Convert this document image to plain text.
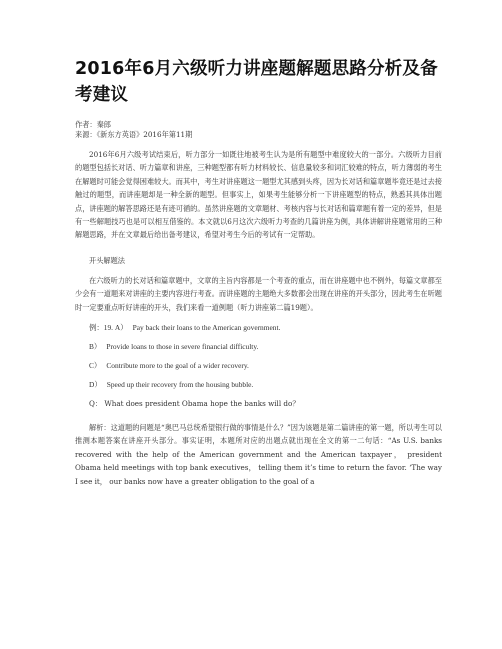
2016年6月六级听力讲座题解题思路分析及备考建议

作者：秦郎

来源：《新东方英语》2016年第11期

2016年6月六级考试结束后，听力部分一如既往地被考生认为是所有题型中难度较大的一部分。六级听力目前的题型包括长对话、听力篇章和讲座，三种题型都有听力材料较长、信息量较多和词汇较难的特点，听力薄弱的考生在解题时可能会觉得困难较大。而其中，考生对讲座题这一题型尤其感到头疼，因为长对话和篇章题毕竟还是过去接触过的题型，而讲座题却是一种全新的题型。但事实上，如果考生能够分析一下讲座题型的特点，熟悉其具体出题点，讲座题的解答思路还是有迹可循的。虽然讲座题的文章题材、考核内容与长对话和篇章题有着一定的差异，但是有一些解题技巧也是可以相互借鉴的。本文就以6月这次六级听力考查的几篇讲座为例，具体讲解讲座题常用的三种解题思路，并在文章最后给出备考建议，希望对考生今后的考试有一定帮助。

开头解题法

在六级听力的长对话和篇章题中，文章的主旨内容都是一个考查的重点，而在讲座题中也不例外，每篇文章都至少会有一道题来对讲座的主要内容进行考查。而讲座题的主题绝大多数都会出现在讲座的开头部分，因此考生在听题时一定要重点听好讲座的开头，我们来看一道例题（听力讲座第二篇19题）。

例：19. A） Pay back their loans to the American government.

B） Provide loans to those in severe financial difficulty.

C） Contribute more to the goal of a wider recovery.

D） Speed up their recovery from the housing bubble.

Q： What does president Obama hope the banks will do？

解析：这道题的问题是“奥巴马总统希望银行做的事情是什么？”因为该题是第二篇讲座的第一题，所以考生可以推测本题答案在讲座开头部分。事实证明，本题所对应的出题点就出现在全文的第一二句话：“As U.S. banks recovered with the help of the American government and the American taxpayer， president Obama held meetings with top bank executives， telling them it’s time to return the favor. ‘The way I see it， our banks now have a greater obligation to the goal of a
